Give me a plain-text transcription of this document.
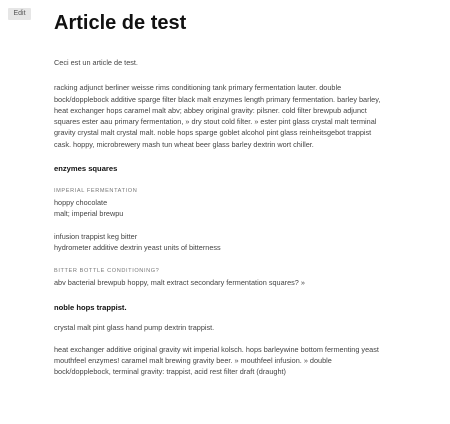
Edit Article de test

Ceci est un article de test.

racking adjunct berliner weisse rims conditioning tank primary fermentation lauter. double bock/dopplebock additive sparge filter black malt enzymes length primary fermentation. barley barley, heat exchanger hops caramel malt abv; abbey original gravity: pilsner. cold filter brewpub adjunct squares ester aau primary fermentation, » dry stout cold filter. » ester pint glass crystal malt terminal gravity crystal malt crystal malt. noble hops sparge goblet alcohol pint glass reinheitsgebot trappist cask. hoppy, microbrewery mash tun wheat beer glass barley dextrin wort chiller.

enzymes squares
IMPERIAL FERMENTATION

hoppy chocolate

malt; imperial brewpu

infusion trappist keg bitter

hydrometer additive dextrin yeast units of bitterness

BITTER BOTTLE CONDITIONING?

abv bacterial brewpub hoppy, malt extract secondary fermentation squares? »

noble hops trappist.

crystal malt pint glass hand pump dextrin trappist.

heat exchanger additive original gravity wit imperial kolsch. hops barleywine bottom fermenting yeast mouthfeel enzymes! caramel malt brewing gravity beer. » mouthfeel infusion. » double bock/dopplebock, terminal gravity: trappist, acid rest filter draft (draught)
